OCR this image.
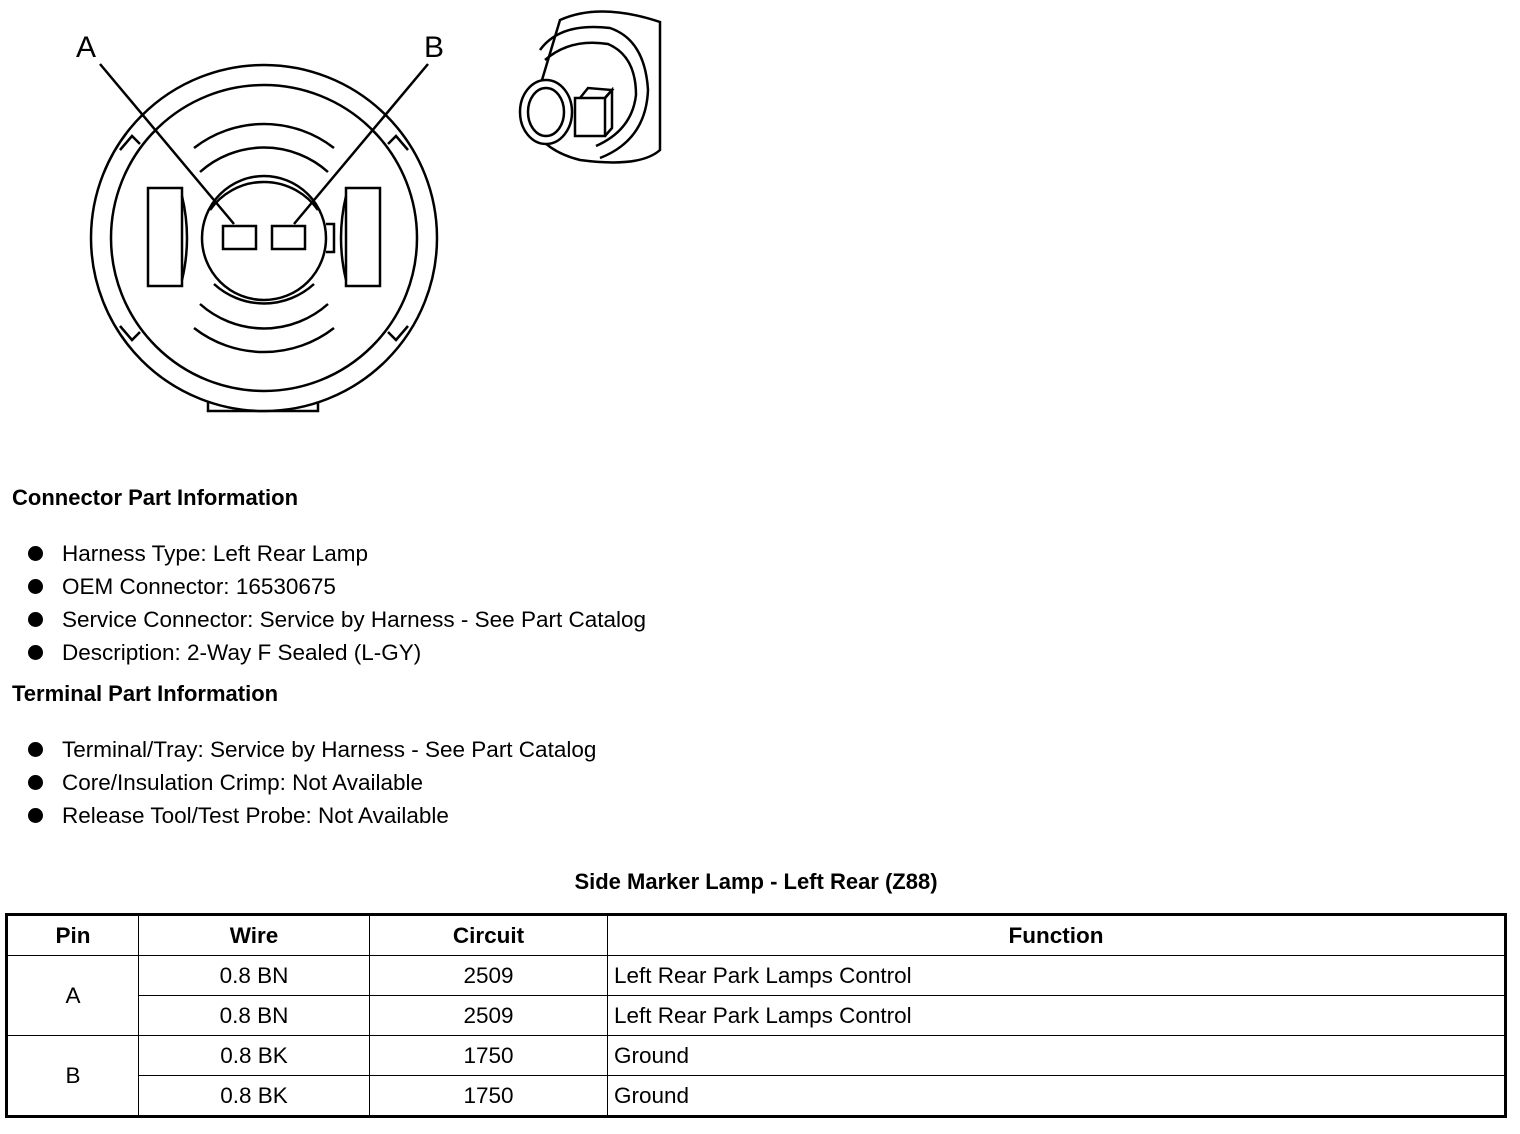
A	B
Connector Part Information
Harness Type: Left Rear Lamp
OEM Connector: 16530675
Service Connector: Service by Harness - See Part Catalog
Description: 2-Way F Sealed (L-GY)
Terminal Part Information
Terminal/Tray: Service by Harness - See Part Catalog
Core/Insulation Crimp: Not Available
Release Tool/Test Probe: Not Available
Side Marker Lamp - Left Rear (Z88)
Pin	Wire	Circuit	Function
A	0.8 BN	2509	Left Rear Park Lamps Control
	0.8 BN	2509	Left Rear Park Lamps Control
B	0.8 BK	1750	Ground
	0.8 BK	1750	Ground
